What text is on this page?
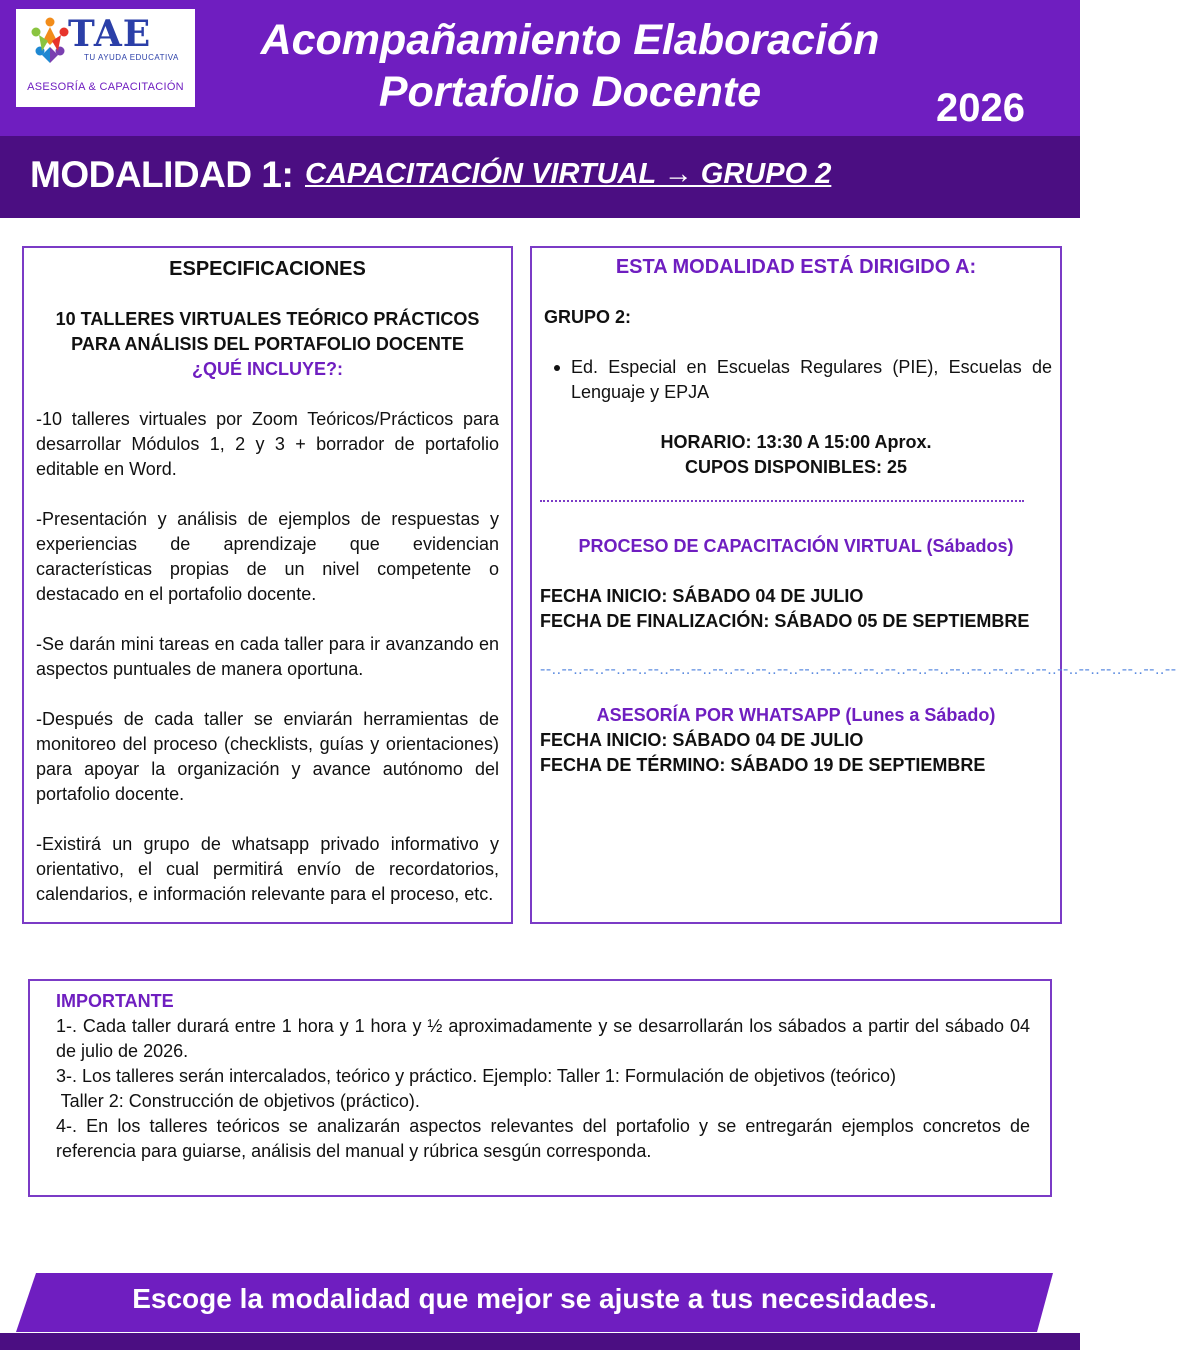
TAE
TU AYUDA EDUCATIVA
ASESORÍA & CAPACITACIÓN
Acompañamiento Elaboración
Portafolio Docente	2026
MODALIDAD 1: CAPACITACIÓN VIRTUAL → GRUPO 2
ESPECIFICACIONES
10 TALLERES VIRTUALES TEÓRICO PRÁCTICOS PARA ANÁLISIS DEL PORTAFOLIO DOCENTE
¿QUÉ INCLUYE?:
-10 talleres virtuales por Zoom Teóricos/Prácticos para desarrollar Módulos 1, 2 y 3 + borrador de portafolio editable en Word.
-Presentación y análisis de ejemplos de respuestas y experiencias de aprendizaje que evidencian características propias de un nivel competente o destacado en el portafolio docente.
-Se darán mini tareas en cada taller para ir avanzando en aspectos puntuales de manera oportuna.
-Después de cada taller se enviarán herramientas de monitoreo del proceso (checklists, guías y orientaciones) para apoyar la organización y avance autónomo del portafolio docente.
-Existirá un grupo de whatsapp privado informativo y orientativo, el cual permitirá envío de recordatorios, calendarios, e información relevante para el proceso, etc.
ESTA MODALIDAD ESTÁ DIRIGIDO A:
GRUPO 2:
Ed. Especial en Escuelas Regulares (PIE), Escuelas de Lenguaje y EPJA
HORARIO: 13:30 A 15:00 Aprox.
CUPOS DISPONIBLES: 25
PROCESO DE CAPACITACIÓN VIRTUAL (Sábados)
FECHA INICIO: SÁBADO 04 DE JULIO
FECHA DE FINALIZACIÓN: SÁBADO 05 DE SEPTIEMBRE
--..--..--..--..--..--..--..--..--..--..--..--..--..--..--..--..--..--..--..--..--..--..--..--..--..--..--..--..--..--
ASESORÍA POR WHATSAPP (Lunes a Sábado)
FECHA INICIO: SÁBADO 04 DE JULIO
FECHA DE TÉRMINO: SÁBADO 19 DE SEPTIEMBRE
IMPORTANTE
1-. Cada taller durará entre 1 hora y 1 hora y ½ aproximadamente y se desarrollarán los sábados a partir del sábado 04 de julio de 2026.
3-. Los talleres serán intercalados, teórico y práctico. Ejemplo: Taller 1: Formulación de objetivos (teórico)
Taller 2: Construcción de objetivos (práctico).
4-. En los talleres teóricos se analizarán aspectos relevantes del portafolio y se entregarán ejemplos concretos de referencia para guiarse, análisis del manual y rúbrica sesgún corresponda.
Escoge la modalidad que mejor se ajuste a tus necesidades.
